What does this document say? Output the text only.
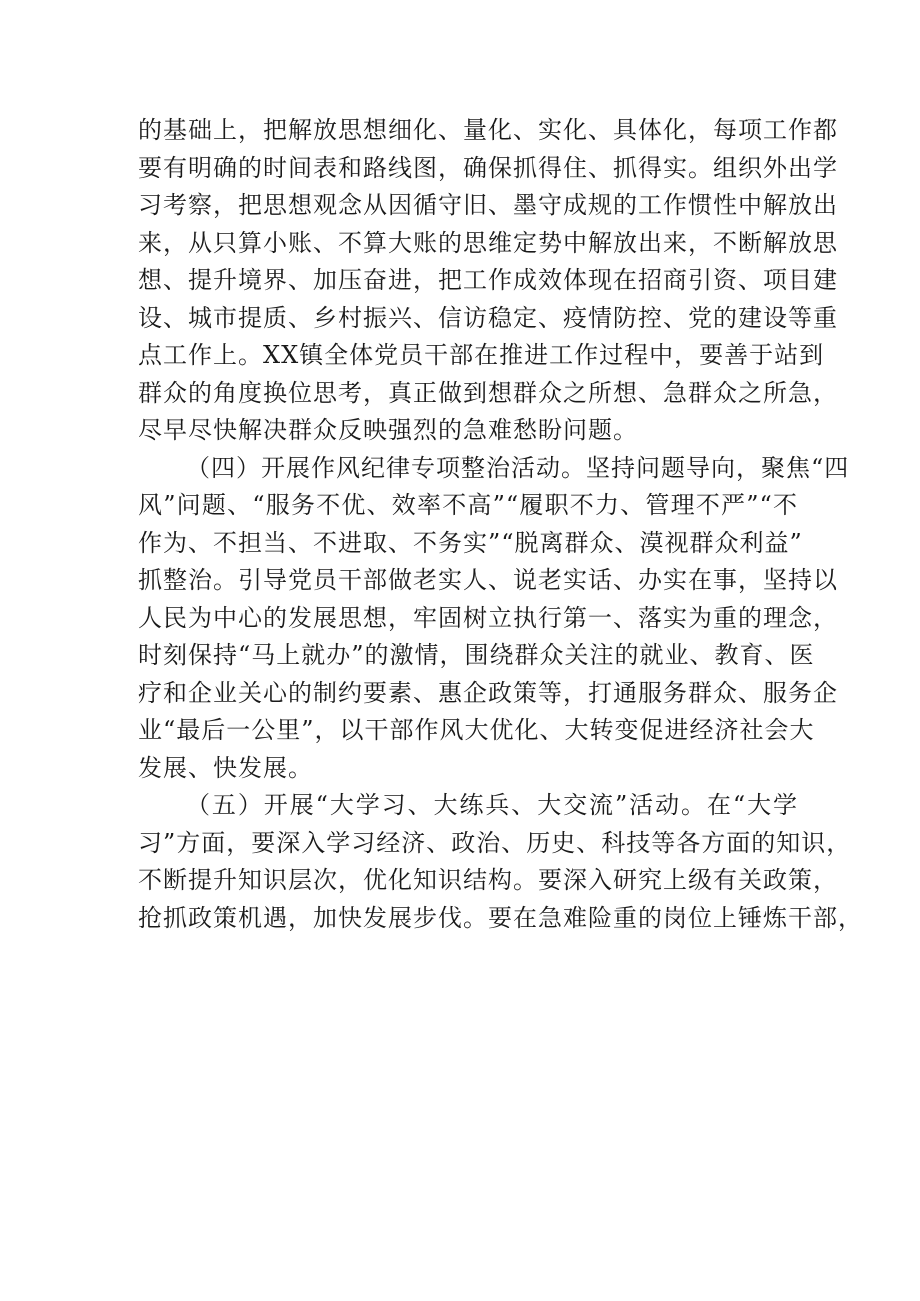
的基础上，把解放思想细化、量化、实化、具体化，每项工作都
要有明确的时间表和路线图，确保抓得住、抓得实。组织外出学
习考察，把思想观念从因循守旧、墨守成规的工作惯性中解放出
来，从只算小账、不算大账的思维定势中解放出来，不断解放思
想、提升境界、加压奋进，把工作成效体现在招商引资、项目建
设、城市提质、乡村振兴、信访稳定、疫情防控、党的建设等重
点工作上。XX镇全体党员干部在推进工作过程中，要善于站到
群众的角度换位思考，真正做到想群众之所想、急群众之所急，
尽早尽快解决群众反映强烈的急难愁盼问题。
（四）开展作风纪律专项整治活动。坚持问题导向，聚焦“四
风”问题、“服务不优、效率不高”“履职不力、管理不严”“不
作为、不担当、不进取、不务实”“脱离群众、漠视群众利益”
抓整治。引导党员干部做老实人、说老实话、办实在事，坚持以
人民为中心的发展思想，牢固树立执行第一、落实为重的理念，
时刻保持“马上就办”的激情，围绕群众关注的就业、教育、医
疗和企业关心的制约要素、惠企政策等，打通服务群众、服务企
业“最后一公里”，以干部作风大优化、大转变促进经济社会大
发展、快发展。
（五）开展“大学习、大练兵、大交流”活动。在“大学
习”方面，要深入学习经济、政治、历史、科技等各方面的知识，
不断提升知识层次，优化知识结构。要深入研究上级有关政策，
抢抓政策机遇，加快发展步伐。要在急难险重的岗位上锤炼干部，
